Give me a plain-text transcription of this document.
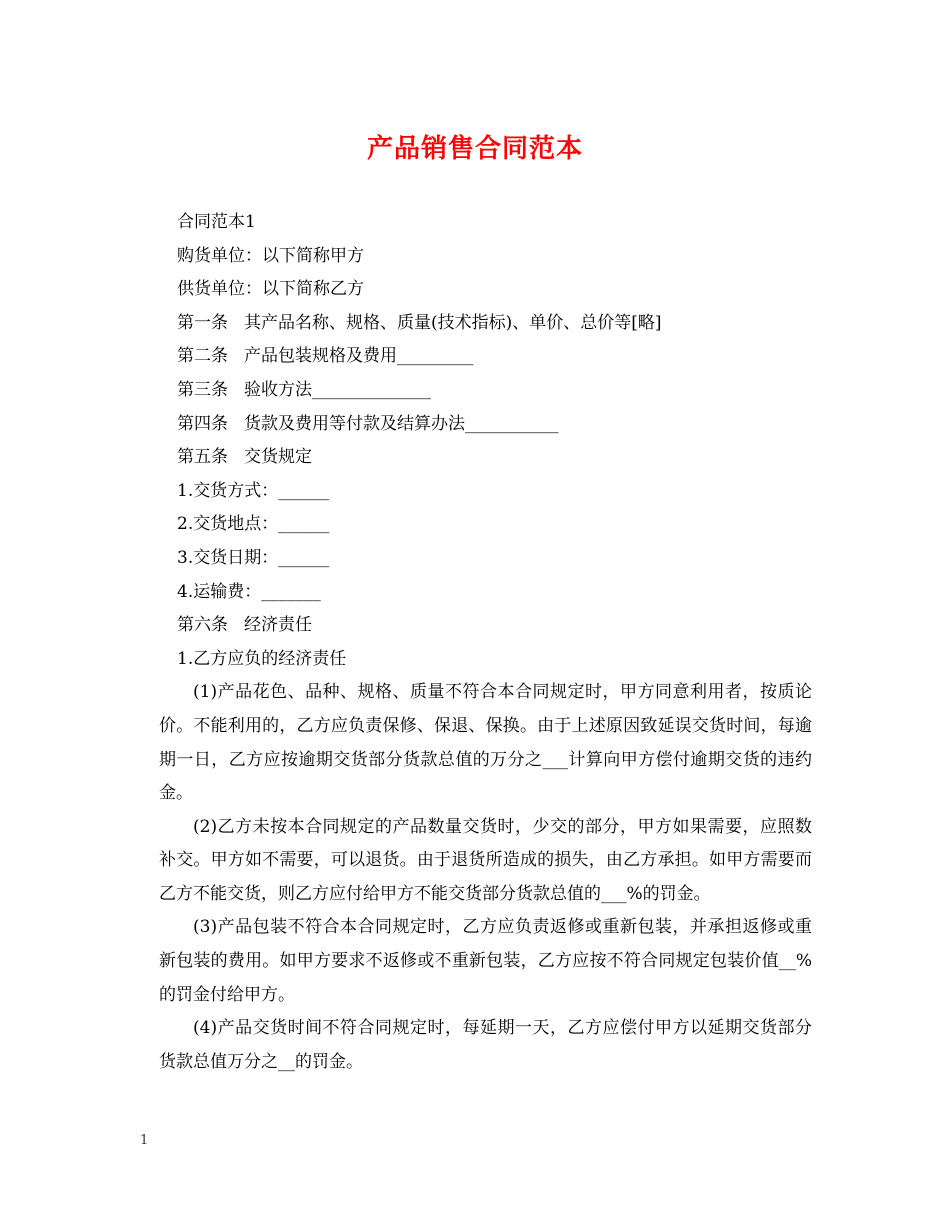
产品销售合同范本
合同范本1
购货单位：以下简称甲方
供货单位：以下简称乙方
第一条 其产品名称、规格、质量(技术指标)、单价、总价等[略]
第二条 产品包装规格及费用_________
第三条 验收方法______________
第四条 货款及费用等付款及结算办法___________
第五条 交货规定
1.交货方式：______
2.交货地点：______
3.交货日期：______
4.运输费：_______
第六条 经济责任
1.乙方应负的经济责任
(1)产品花色、品种、规格、质量不符合本合同规定时，甲方同意利用者，按质论价。不能利用的，乙方应负责保修、保退、保换。由于上述原因致延误交货时间，每逾期一日，乙方应按逾期交货部分货款总值的万分之___计算向甲方偿付逾期交货的违约金。
(2)乙方未按本合同规定的产品数量交货时，少交的部分，甲方如果需要，应照数补交。甲方如不需要，可以退货。由于退货所造成的损失，由乙方承担。如甲方需要而乙方不能交货，则乙方应付给甲方不能交货部分货款总值的___%的罚金。
(3)产品包装不符合本合同规定时，乙方应负责返修或重新包装，并承担返修或重新包装的费用。如甲方要求不返修或不重新包装，乙方应按不符合同规定包装价值__%的罚金付给甲方。
(4)产品交货时间不符合同规定时，每延期一天，乙方应偿付甲方以延期交货部分货款总值万分之__的罚金。
1
